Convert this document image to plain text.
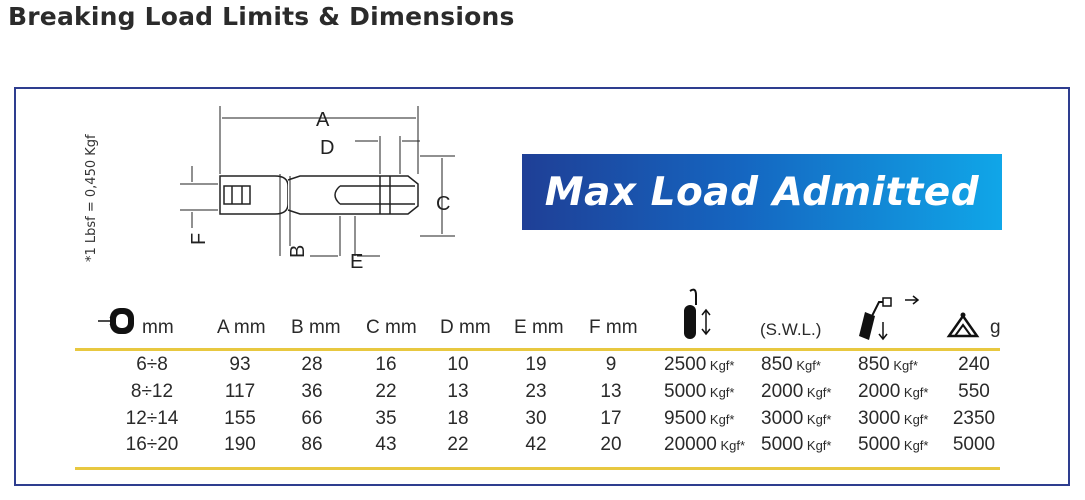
Breaking Load Limits & Dimensions
*1 Lbsf = 0,450 Kgf
A
D
C
E
B
F
Max Load Admitted
mm A mm B mm C mm D mm E mm F mm	(S.W.L.)	g
6÷8	93	28	16	10	19	9	2500 Kgf* 850 Kgf* 850 Kgf*	240
8÷12	117	36	22	13	23	13	5000 Kgf* 2000 Kgf* 2000 Kgf*	550
12÷14	155	66	35	18	30	17	9500 Kgf* 3000 Kgf* 3000 Kgf*	2350
16÷20	190	86	43	22	42	20	20000 Kgf* 5000 Kgf* 5000 Kgf*	5000
